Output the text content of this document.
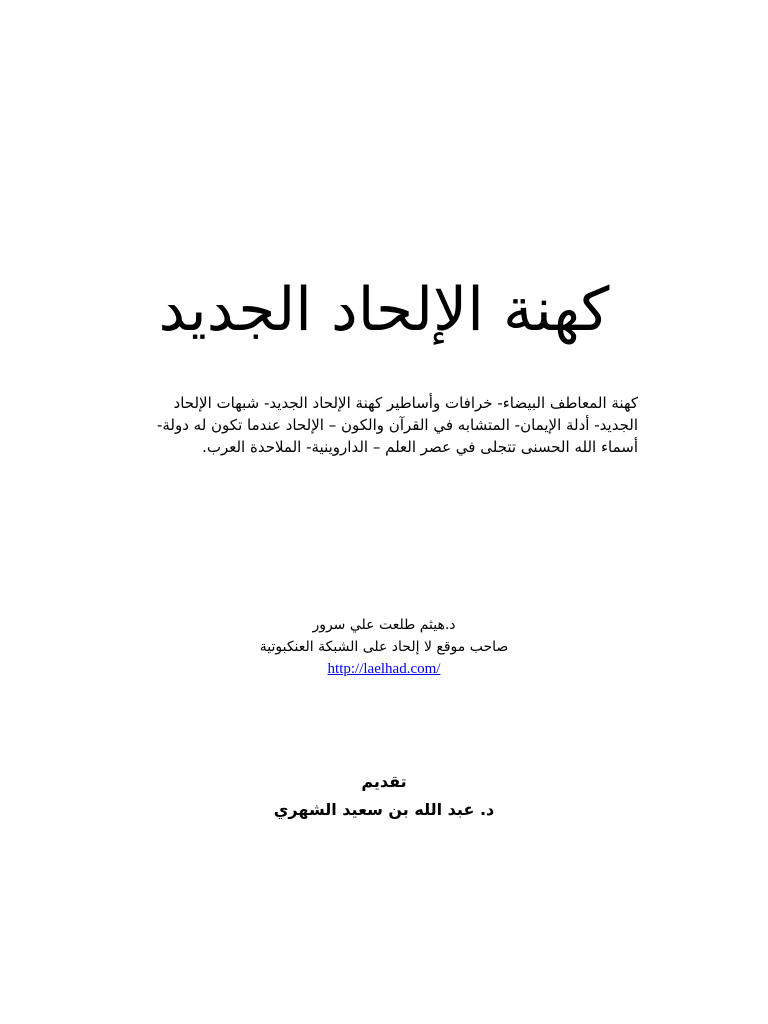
كهنة الإلحاد الجديد

كهنة المعاطف البيضاء- خرافات وأساطير كهنة الإلحاد الجديد- شبهات الإلحاد الجديد- أدلة الإيمان- المتشابه في القرآن والكون – الإلحاد عندما تكون له دولة- أسماء الله الحسنى تتجلى في عصر العلم – الداروينية- الملاحدة العرب.

د.هيثم طلعت علي سرور
صاحب موقع لا إلحاد على الشبكة العنكبوتية
http://laelhad.com/
تقديم
د. عبد الله بن سعيد الشهري
